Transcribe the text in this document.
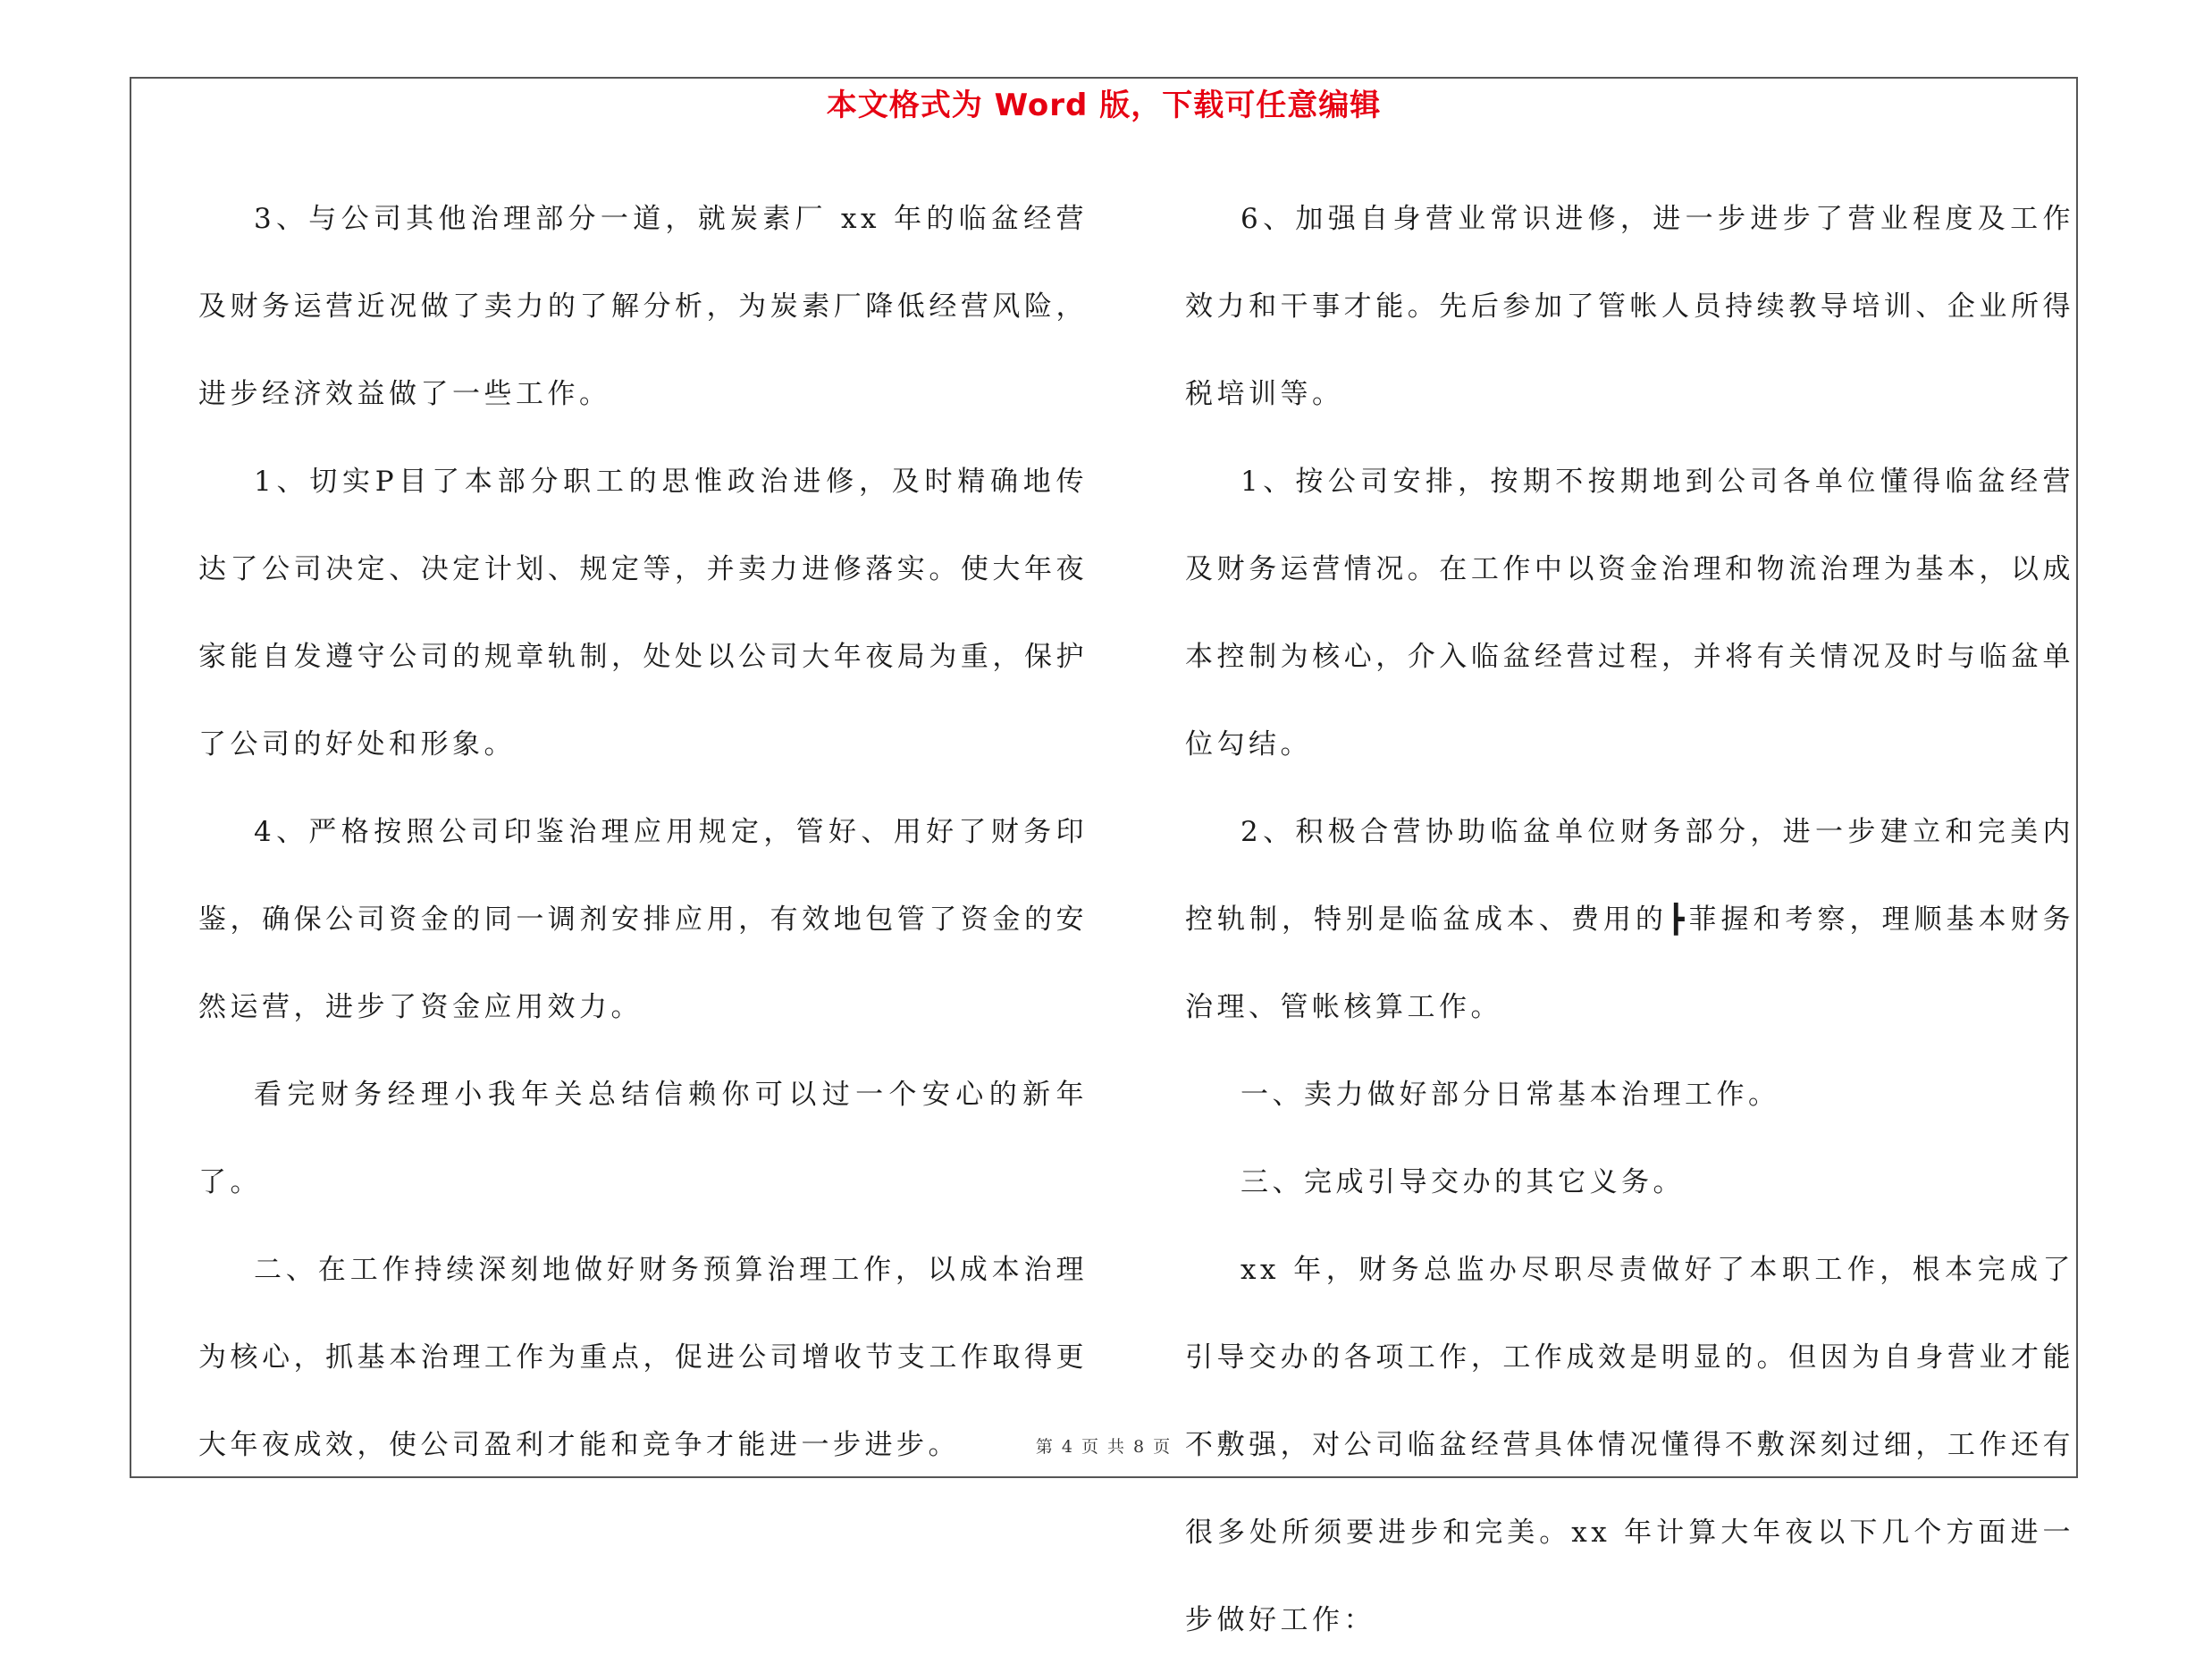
本文格式为 Word 版，下载可任意编辑

3、与公司其他治理部分一道，就炭素厂 xx 年的临盆经营及财务运营近况做了卖力的了解分析，为炭素厂降低经营风险，进步经济效益做了一些工作。

1、切实P目了本部分职工的思惟政治进修，及时精确地传达了公司决定、决定计划、规定等，并卖力进修落实。使大年夜家能自发遵守公司的规章轨制，处处以公司大年夜局为重，保护了公司的好处和形象。

4、严格按照公司印鉴治理应用规定，管好、用好了财务印鉴，确保公司资金的同一调剂安排应用，有效地包管了资金的安然运营，进步了资金应用效力。

看完财务经理小我年关总结信赖你可以过一个安心的新年了。

二、在工作持续深刻地做好财务预算治理工作，以成本治理为核心，抓基本治理工作为重点，促进公司增收节支工作取得更大年夜成效，使公司盈利才能和竞争才能进一步进步。

6、加强自身营业常识进修，进一步进步了营业程度及工作效力和干事才能。先后参加了管帐人员持续教导培训、企业所得税培训等。

1、按公司安排，按期不按期地到公司各单位懂得临盆经营及财务运营情况。在工作中以资金治理和物流治理为基本，以成本控制为核心，介入临盆经营过程，并将有关情况及时与临盆单位勾结。

2、积极合营协助临盆单位财务部分，进一步建立和完美内控轨制，特别是临盆成本、费用的┣菲握和考察，理顺基本财务治理、管帐核算工作。

一、卖力做好部分日常基本治理工作。

三、完成引导交办的其它义务。

xx 年，财务总监办尽职尽责做好了本职工作，根本完成了引导交办的各项工作，工作成效是明显的。但因为自身营业才能不敷强，对公司临盆经营具体情况懂得不敷深刻过细，工作还有很多处所须要进步和完美。xx 年计算大年夜以下几个方面进一步做好工作：

第 4 页 共 8 页
